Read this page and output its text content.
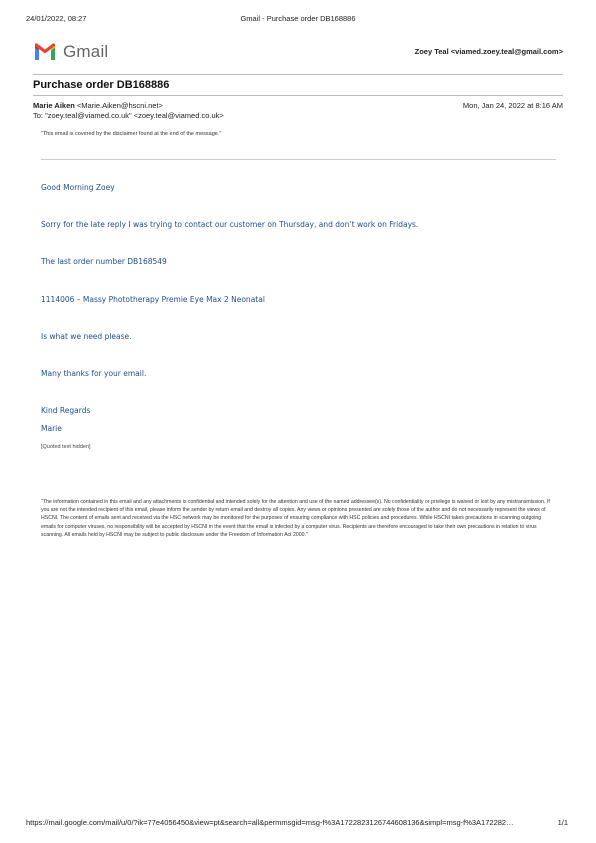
24/01/2022, 08:27	Gmail - Purchase order DB168886
Gmail	Zoey Teal <viamed.zoey.teal@gmail.com>
Purchase order DB168886
Marie Aiken <Marie.Aiken@hscni.net>	Mon, Jan 24, 2022 at 8:16 AM
To: "zoey.teal@viamed.co.uk" <zoey.teal@viamed.co.uk>
"This email is covered by the disclaimer found at the end of the message."
Good Morning Zoey
Sorry for the late reply I was trying to contact our customer on Thursday, and don’t work on Fridays.
The last order number DB168549
1114006 – Massy Phototherapy Premie Eye Max 2 Neonatal
Is what we need please.
Many thanks for your email.
Kind Regards
Marie
[Quoted text hidden]
"The information contained in this email and any attachments is confidential and intended solely for the attention and use of the named addressee(s). No confidentiality or privilege is waived or lost by any mistransmission. If you are not the intended recipient of this email, please inform the sender by return email and destroy all copies. Any views or opinions presented are solely those of the author and do not necessarily represent the views of HSCNI. The content of emails sent and received via the HSC network may be monitored for the purposes of ensuring compliance with HSC policies and procedures. While HSCNI takes precautions in scanning outgoing emails for computer viruses, no responsibility will be accepted by HSCNI in the event that the email is infected by a computer virus. Recipients are therefore encouraged to take their own precautions in relation to virus scanning. All emails held by HSCNI may be subject to public disclosure under the Freedom of Information Act 2000."
https://mail.google.com/mail/u/0/?ik=77e4056450&view=pt&search=all&permmsgid=msg-f%3A1722823126744608136&simpl=msg-f%3A172282…	1/1
